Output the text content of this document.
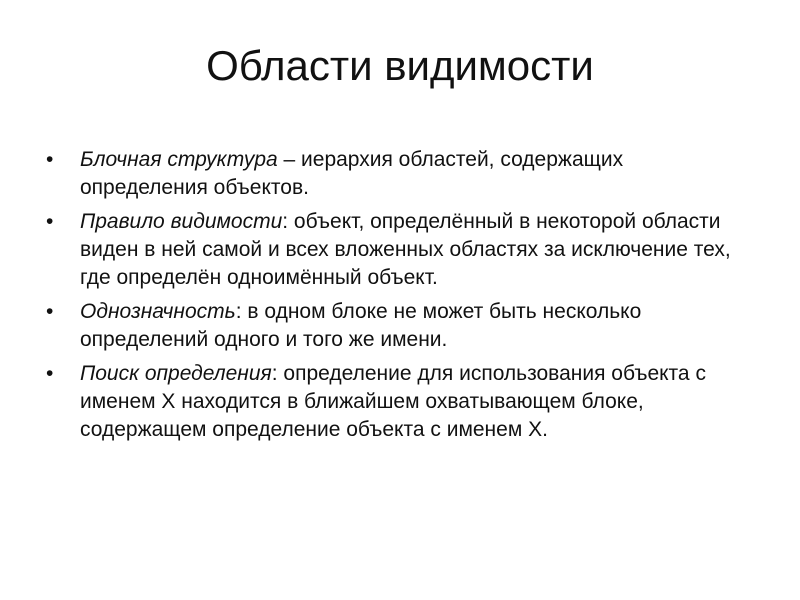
Области видимости
•	Блочная структура – иерархия областей, содержащих определения объектов.
•	Правило видимости: объект, определённый в некоторой области виден в ней самой и всех вложенных областях за исключение тех, где определён одноимённый объект.
•	Однозначность: в одном блоке не может быть несколько определений одного и того же имени.
•	Поиск определения: определение для использования объекта с именем X находится в ближайшем охватывающем блоке, содержащем определение объекта с именем X.
